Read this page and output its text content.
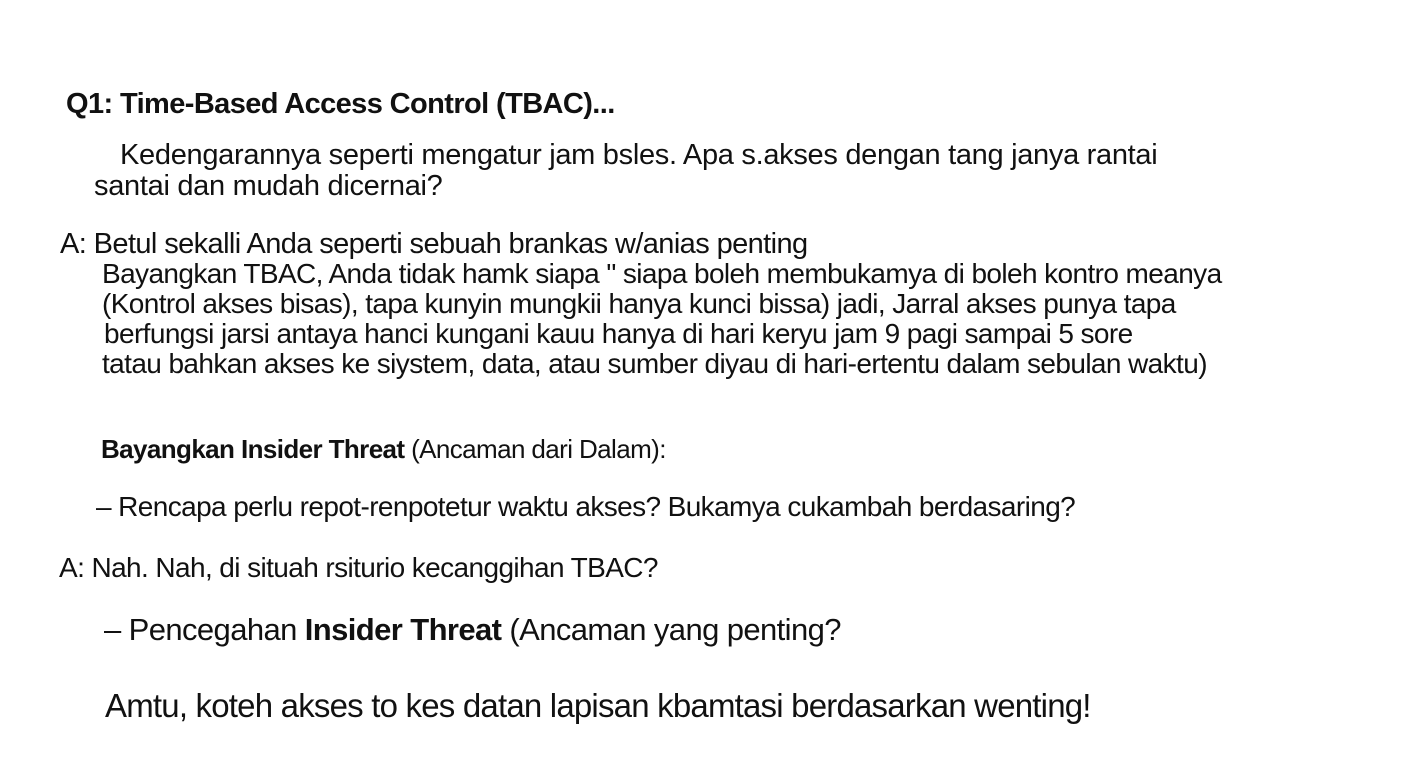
Q1: Time-Based Access Control (TBAC)...
Kedengarannya seperti mengatur jam bsles. Apa s.akses dengan tang janya rantai
santai dan mudah dicernai?
A: Betul sekalli Anda seperti sebuah brankas w/anias penting
Bayangkan TBAC, Anda tidak hamk siapa " siapa boleh membukamya di boleh kontro meanya
(Kontrol akses bisas), tapa kunyin mungkii hanya kunci bissa) jadi, Jarral akses punya tapa
berfungsi jarsi antaya hanci kungani kauu hanya di hari keryu jam 9 pagi sampai 5 sore
tatau bahkan akses ke siystem, data, atau sumber diyau di hari-ertentu dalam sebulan waktu)
Bayangkan Insider Threat (Ancaman dari Dalam):
– Rencapa perlu repot-renpotetur waktu akses? Bukamya cukambah berdasaring?
A: Nah. Nah, di situah rsiturio kecanggihan TBAC?
– Pencegahan Insider Threat (Ancaman yang penting?
Amtu, koteh akses to kes datan lapisan kbamtasi berdasarkan wenting!
